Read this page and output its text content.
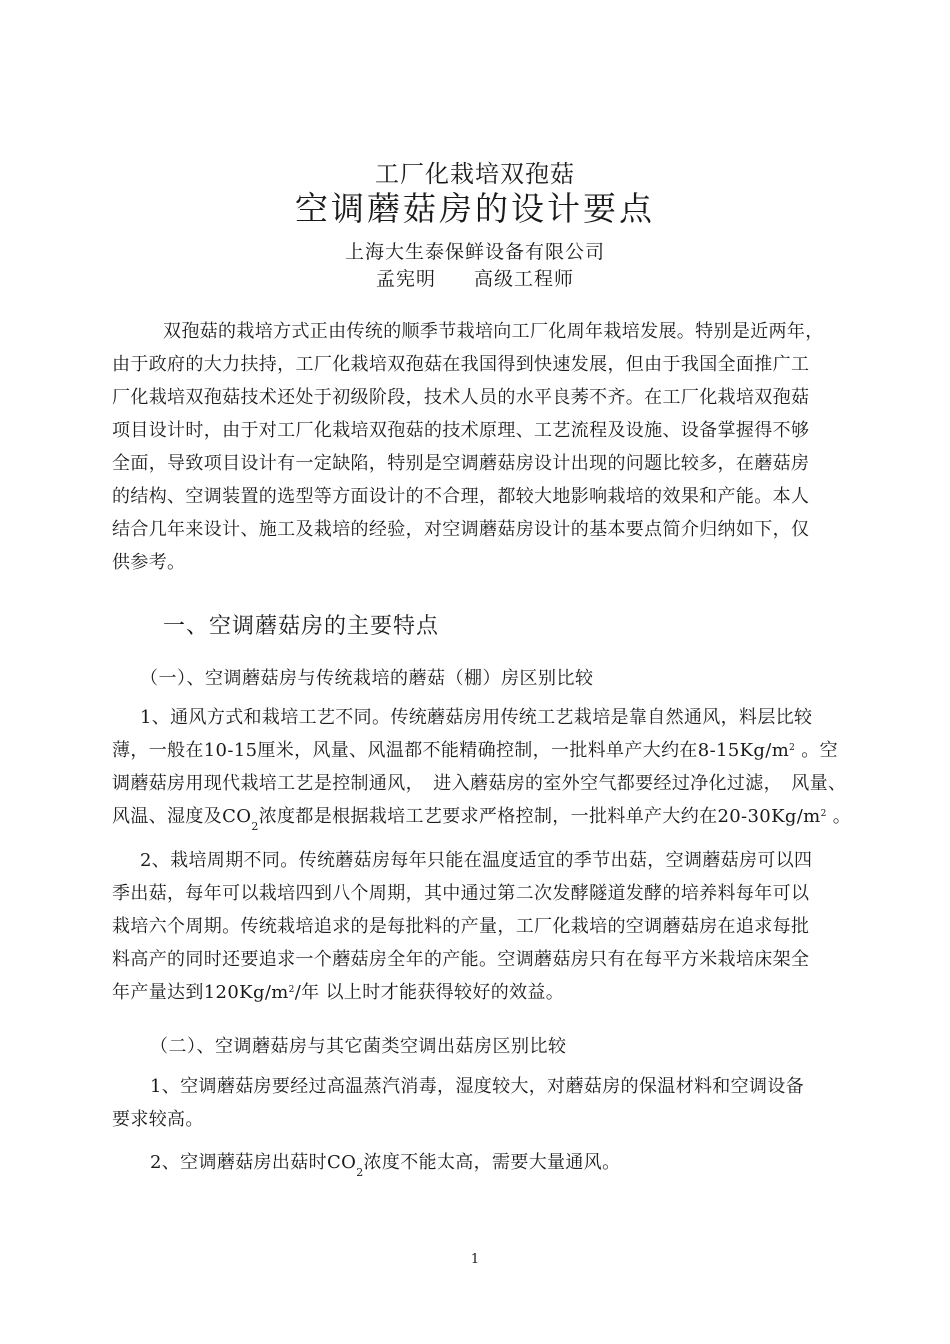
工厂化栽培双孢菇
空调蘑菇房的设计要点
上海大生泰保鲜设备有限公司
孟宪明 高级工程师
双孢菇的栽培方式正由传统的顺季节栽培向工厂化周年栽培发展。特别是近两年，
由于政府的大力扶持，工厂化栽培双孢菇在我国得到快速发展，但由于我国全面推广工
厂化栽培双孢菇技术还处于初级阶段，技术人员的水平良莠不齐。在工厂化栽培双孢菇
项目设计时，由于对工厂化栽培双孢菇的技术原理、工艺流程及设施、设备掌握得不够
全面，导致项目设计有一定缺陷，特别是空调蘑菇房设计出现的问题比较多，在蘑菇房
的结构、空调装置的选型等方面设计的不合理，都较大地影响栽培的效果和产能。本人
结合几年来设计、施工及栽培的经验，对空调蘑菇房设计的基本要点简介归纳如下，仅
供参考。
一、空调蘑菇房的主要特点
（一）、空调蘑菇房与传统栽培的蘑菇（棚）房区别比较
1、通风方式和栽培工艺不同。传统蘑菇房用传统工艺栽培是靠自然通风，料层比较
薄，一般在10-15厘米，风量、风温都不能精确控制，一批料单产大约在$8-15Kg/m^2$ 。空
调蘑菇房用现代栽培工艺是控制通风，　进入蘑菇房的室外空气都要经过净化过滤，　风量、
风温、湿度及$CO_2$浓度都是根据栽培工艺要求严格控制，一批料单产大约在$20-30Kg/m^2$ 。
2、栽培周期不同。传统蘑菇房每年只能在温度适宜的季节出菇，空调蘑菇房可以四
季出菇，每年可以栽培四到八个周期，其中通过第二次发酵隧道发酵的培养料每年可以
栽培六个周期。传统栽培追求的是每批料的产量，工厂化栽培的空调蘑菇房在追求每批
料高产的同时还要追求一个蘑菇房全年的产能。空调蘑菇房只有在每平方米栽培床架全
年产量达到$120Kg/m^2/$年 以上时才能获得较好的效益。
（二）、空调蘑菇房与其它菌类空调出菇房区别比较
1、空调蘑菇房要经过高温蒸汽消毒，湿度较大，对蘑菇房的保温材料和空调设备
要求较高。
2、空调蘑菇房出菇时$CO_2$浓度不能太高，需要大量通风。
1
